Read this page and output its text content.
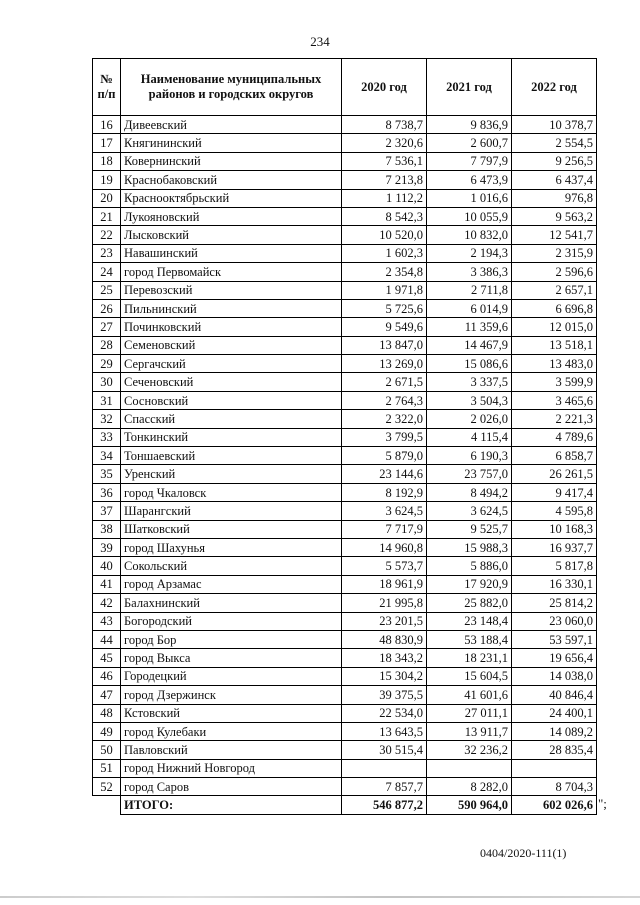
234
№ п/п	Наименование муниципальных районов и городских округов	2020 год	2021 год	2022 год
16	Дивеевский	8 738,7	9 836,9	10 378,7
17	Княгининский	2 320,6	2 600,7	2 554,5
18	Ковернинский	7 536,1	7 797,9	9 256,5
19	Краснобаковский	7 213,8	6 473,9	6 437,4
20	Краснооктябрьский	1 112,2	1 016,6	976,8
21	Лукояновский	8 542,3	10 055,9	9 563,2
22	Лысковский	10 520,0	10 832,0	12 541,7
23	Навашинский	1 602,3	2 194,3	2 315,9
24	город Первомайск	2 354,8	3 386,3	2 596,6
25	Перевозский	1 971,8	2 711,8	2 657,1
26	Пильнинский	5 725,6	6 014,9	6 696,8
27	Починковский	9 549,6	11 359,6	12 015,0
28	Семеновский	13 847,0	14 467,9	13 518,1
29	Сергачский	13 269,0	15 086,6	13 483,0
30	Сеченовский	2 671,5	3 337,5	3 599,9
31	Сосновский	2 764,3	3 504,3	3 465,6
32	Спасский	2 322,0	2 026,0	2 221,3
33	Тонкинский	3 799,5	4 115,4	4 789,6
34	Тоншаевский	5 879,0	6 190,3	6 858,7
35	Уренский	23 144,6	23 757,0	26 261,5
36	город Чкаловск	8 192,9	8 494,2	9 417,4
37	Шарангский	3 624,5	3 624,5	4 595,8
38	Шатковский	7 717,9	9 525,7	10 168,3
39	город Шахунья	14 960,8	15 988,3	16 937,7
40	Сокольский	5 573,7	5 886,0	5 817,8
41	город Арзамас	18 961,9	17 920,9	16 330,1
42	Балахнинский	21 995,8	25 882,0	25 814,2
43	Богородский	23 201,5	23 148,4	23 060,0
44	город Бор	48 830,9	53 188,4	53 597,1
45	город Выкса	18 343,2	18 231,1	19 656,4
46	Городецкий	15 304,2	15 604,5	14 038,0
47	город Дзержинск	39 375,5	41 601,6	40 846,4
48	Кстовский	22 534,0	27 011,1	24 400,1
49	город Кулебаки	13 643,5	13 911,7	14 089,2
50	Павловский	30 515,4	32 236,2	28 835,4
51	город Нижний Новгород			
52	город Саров	7 857,7	8 282,0	8 704,3
	ИТОГО:	546 877,2	590 964,0	602 026,6 ";
0404/2020-111(1)
